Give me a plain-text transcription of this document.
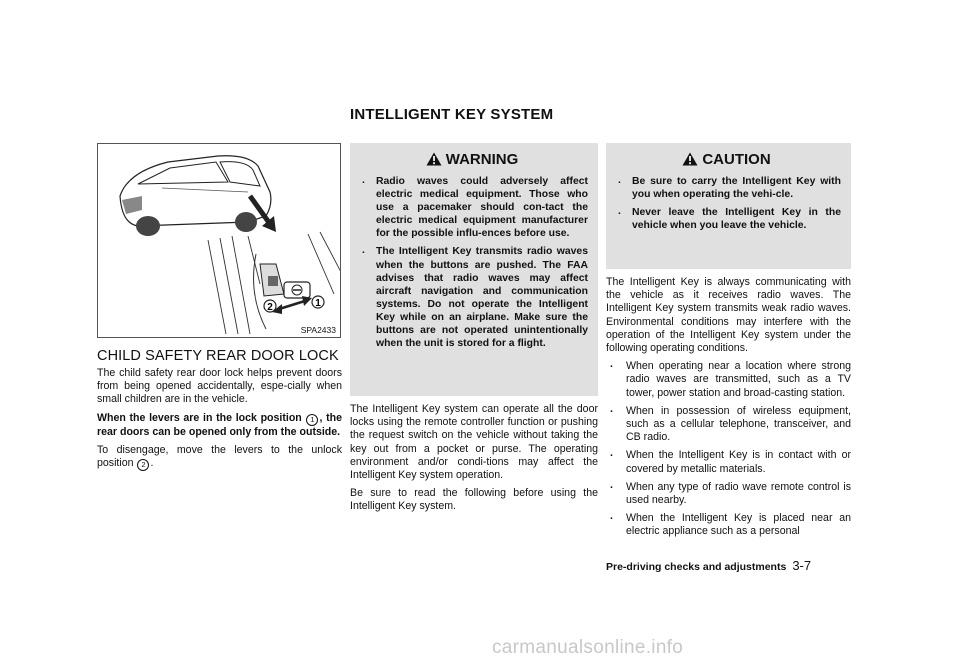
INTELLIGENT KEY SYSTEM
2	1
SPA2433
CHILD SAFETY REAR DOOR LOCK

The child safety rear door lock helps prevent doors from being opened accidentally, espe-cially when small children are in the vehicle.

When the levers are in the lock position 1 , the rear doors can be opened only from the outside.

To disengage, move the levers to the unlock position 2 .

WARNING
. Radio waves could adversely affect electric medical equipment. Those who use a pacemaker should con-tact the electric medical equipment manufacturer for the possible influ-ences before use.
. The Intelligent Key transmits radio waves when the buttons are pushed. The FAA advises that radio waves may affect aircraft navigation and communication systems. Do not operate the Intelligent Key while on an airplane. Make sure the buttons are not operated unintentionally when the unit is stored for a flight.

The Intelligent Key system can operate all the door locks using the remote controller function or pushing the request switch on the vehicle without taking the key out from a pocket or purse. The operating environment and/or condi-tions may affect the Intelligent Key system operation.

Be sure to read the following before using the Intelligent Key system.

CAUTION
. Be sure to carry the Intelligent Key with you when operating the vehi-cle.
. Never leave the Intelligent Key in the vehicle when you leave the vehicle.

The Intelligent Key is always communicating with the vehicle as it receives radio waves. The Intelligent Key system transmits weak radio waves. Environmental conditions may interfere with the operation of the Intelligent Key system under the following operating conditions.

. When operating near a location where strong radio waves are transmitted, such as a TV tower, power station and broad-casting station.
. When in possession of wireless equipment, such as a cellular telephone, transceiver, and CB radio.
. When the Intelligent Key is in contact with or covered by metallic materials.
. When any type of radio wave remote control is used nearby.
. When the Intelligent Key is placed near an electric appliance such as a personal
Pre-driving checks and adjustments 3-7
carmanualsonline.info
